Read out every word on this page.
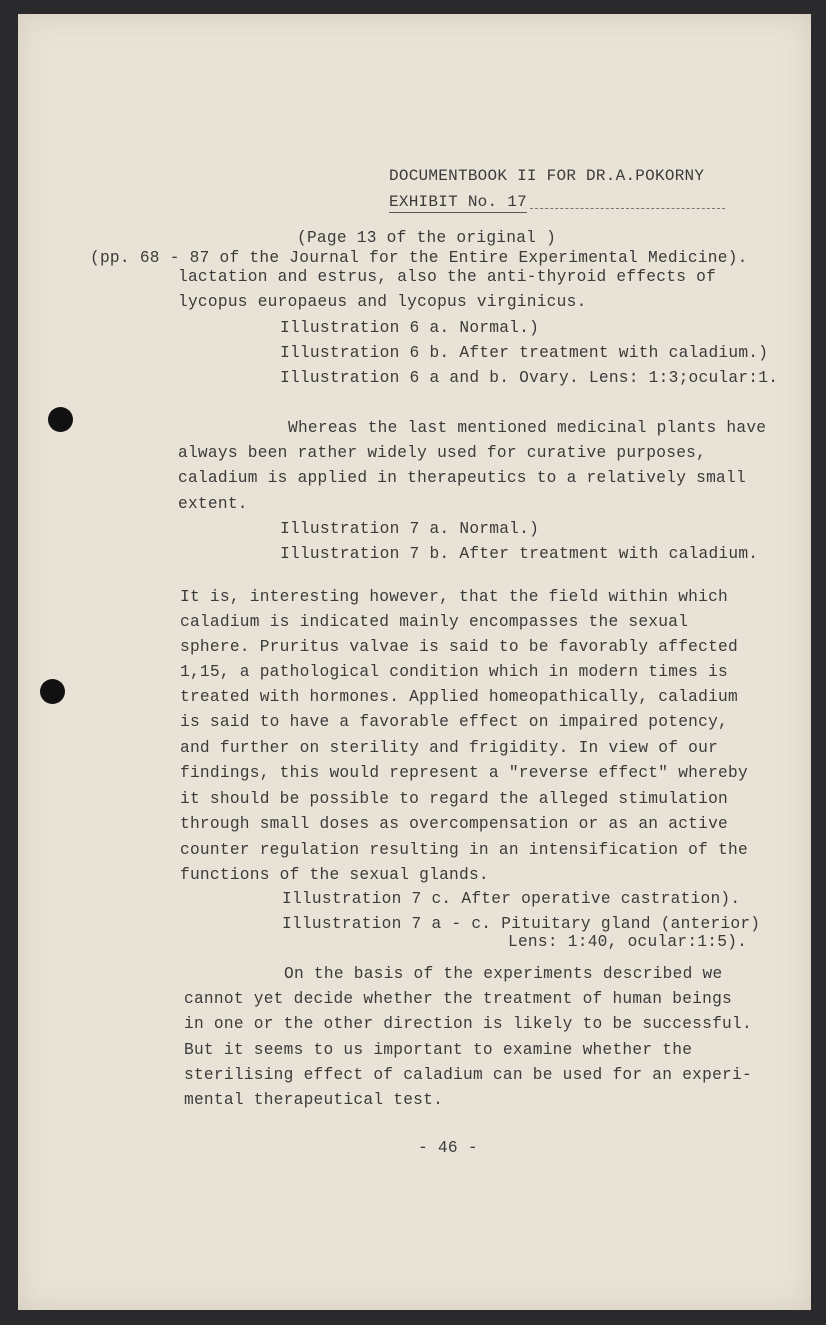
DOCUMENTBOOK II FOR DR.A.POKORNY
EXHIBIT No. 17
(Page 13 of the original )
(pp. 68 - 87 of the Journal for the Entire Experimental Medicine).
lactation and estrus, also the anti-thyroid effects of
lycopus europaeus and lycopus virginicus.
Illustration 6 a. Normal.)
Illustration 6 b. After treatment with caladium.)
Illustration 6 a and b. Ovary. Lens: 1:3;ocular:1.
Whereas the last mentioned medicinal plants have
always been rather widely used for curative purposes,
caladium is applied in therapeutics to a relatively small
extent.
Illustration 7 a. Normal.)
Illustration 7 b. After treatment with caladium.
It is, interesting however, that the field within which
caladium is indicated mainly encompasses the sexual
sphere. Pruritus valvae is said to be favorably affected
1,15, a pathological condition which in modern times is
treated with hormones. Applied homeopathically, caladium
is said to have a favorable effect on impaired potency,
and further on sterility and frigidity. In view of our
findings, this would represent a "reverse effect" whereby
it should be possible to regard the alleged stimulation
through small doses as overcompensation or as an active
counter regulation resulting in an intensification of the
functions of the sexual glands.
Illustration 7 c. After operative castration).
Illustration 7 a - c. Pituitary gland (anterior)
Lens: 1:40, ocular:1:5).
On the basis of the experiments described we
cannot yet decide whether the treatment of human beings
in one or the other direction is likely to be successful.
But it seems to us important to examine whether the
sterilising effect of caladium can be used for an experi-
mental therapeutical test.
- 46 -
